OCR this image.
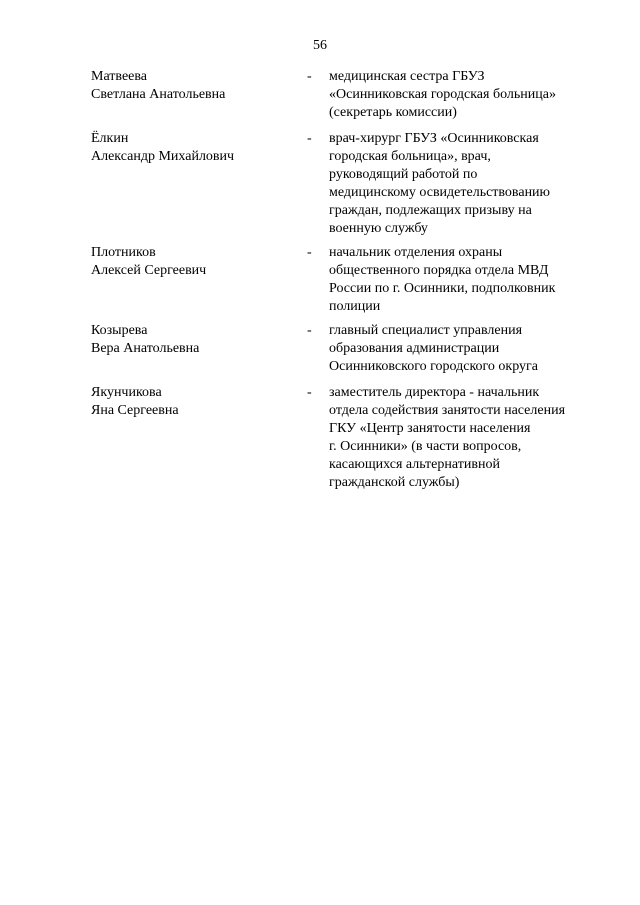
56
Матвеева
Светлана Анатольевна
-	медицинская сестра ГБУЗ
«Осинниковская городская больница»
(секретарь комиссии)
Ёлкин
Александр Михайлович
-	врач-хирург ГБУЗ «Осинниковская
городская больница», врач,
руководящий работой по
медицинскому освидетельствованию
граждан, подлежащих призыву на
военную службу
Плотников
Алексей Сергеевич
-	начальник отделения охраны
общественного порядка отдела МВД
России по г. Осинники, подполковник
полиции
Козырева
Вера Анатольевна
-	главный специалист управления
образования администрации
Осинниковского городского округа
Якунчикова
Яна Сергеевна
-	заместитель директора - начальник
отдела содействия занятости населения
ГКУ «Центр занятости населения
г. Осинники» (в части вопросов,
касающихся альтернативной
гражданской службы)
